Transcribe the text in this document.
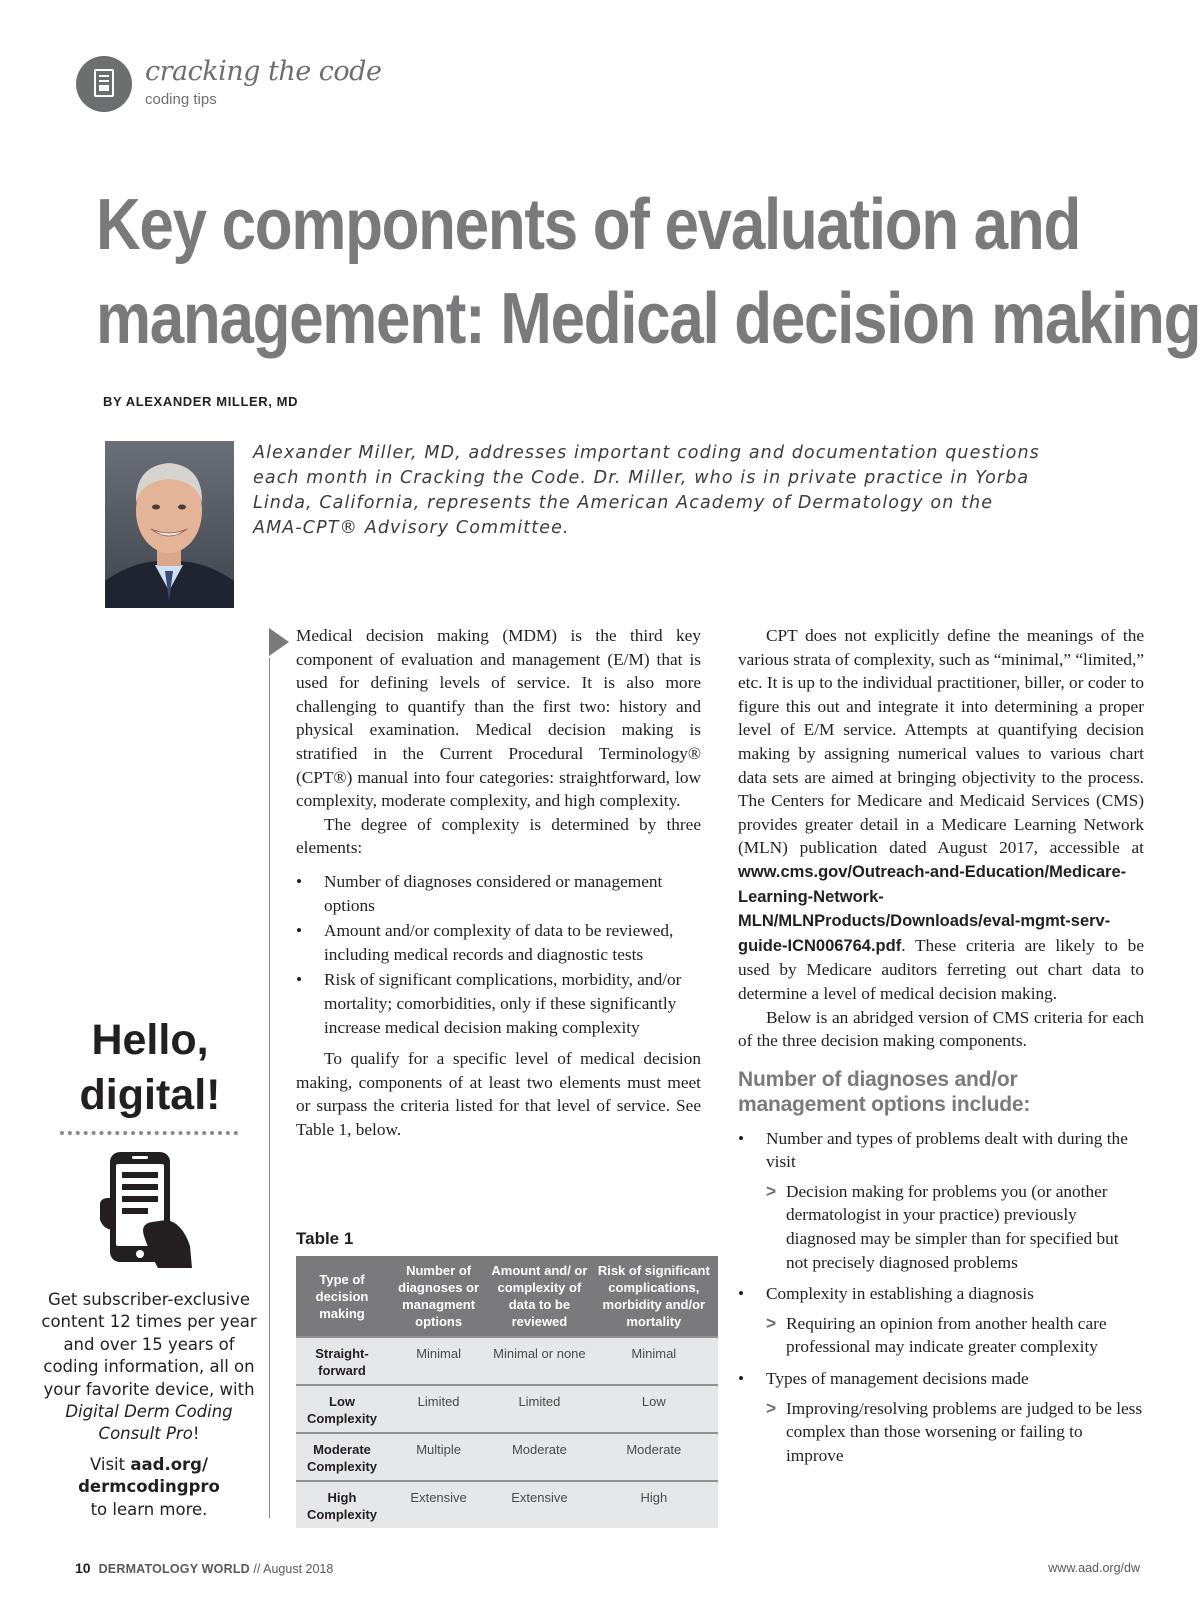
cracking the code
coding tips
Key components of evaluation and
management: Medical decision making
BY ALEXANDER MILLER, MD
Alexander Miller, MD, addresses important coding and documentation questions each month in Cracking the Code. Dr. Miller, who is in private practice in Yorba Linda, California, represents the American Academy of Dermatology on the AMA-CPT® Advisory Committee.

Medical decision making (MDM) is the third key component of evaluation and management (E/M) that is used for defining levels of service. It is also more challenging to quantify than the first two: history and physical examination. Medical decision making is stratified in the Current Procedural Terminology® (CPT®) manual into four categories: straightforward, low complexity, moderate complexity, and high complexity.

The degree of complexity is determined by three elements:

• Number of diagnoses considered or management options
• Amount and/or complexity of data to be reviewed, including medical records and diagnostic tests
• Risk of significant complications, morbidity, and/or mortality; comorbidities, only if these significantly increase medical decision making complexity

To qualify for a specific level of medical decision making, components of at least two elements must meet or surpass the criteria listed for that level of service. See Table 1, below.

Table 1
Type of decision making	Number of diagnoses or managment options	Amount and/ or complexity of data to be reviewed	Risk of significant complications, morbidity and/or mortality
Straight-forward	Minimal	Minimal or none	Minimal
Low Complexity	Limited	Limited	Low
Moderate Complexity	Multiple	Moderate	Moderate
High Complexity	Extensive	Extensive	High

CPT does not explicitly define the meanings of the various strata of complexity, such as “minimal,” “limited,” etc. It is up to the individual practitioner, biller, or coder to figure this out and integrate it into determining a proper level of E/M service. Attempts at quantifying decision making by assigning numerical values to various chart data sets are aimed at bringing objectivity to the process. The Centers for Medicare and Medicaid Services (CMS) provides greater detail in a Medicare Learning Network (MLN) publication dated August 2017, accessible at www.cms.gov/Outreach-and-Education/Medicare-Learning-Network-MLN/MLNProducts/Downloads/eval-mgmt-serv-guide-ICN006764.pdf. These criteria are likely to be used by Medicare auditors ferreting out chart data to determine a level of medical decision making.

Below is an abridged version of CMS criteria for each of the three decision making components.

Number of diagnoses and/or management options include:
• Number and types of problems dealt with during the visit
> Decision making for problems you (or another dermatologist in your practice) previously diagnosed may be simpler than for specified but not precisely diagnosed problems
• Complexity in establishing a diagnosis
> Requiring an opinion from another health care professional may indicate greater complexity
• Types of management decisions made
> Improving/resolving problems are judged to be less complex than those worsening or failing to improve
Hello,
digital!
Get subscriber-exclusive content 12 times per year and over 15 years of coding information, all on your favorite device, with Digital Derm Coding Consult Pro!
Visit aad.org/ dermcodingpro
to learn more.
10 DERMATOLOGY WORLD // August 2018	www.aad.org/dw
